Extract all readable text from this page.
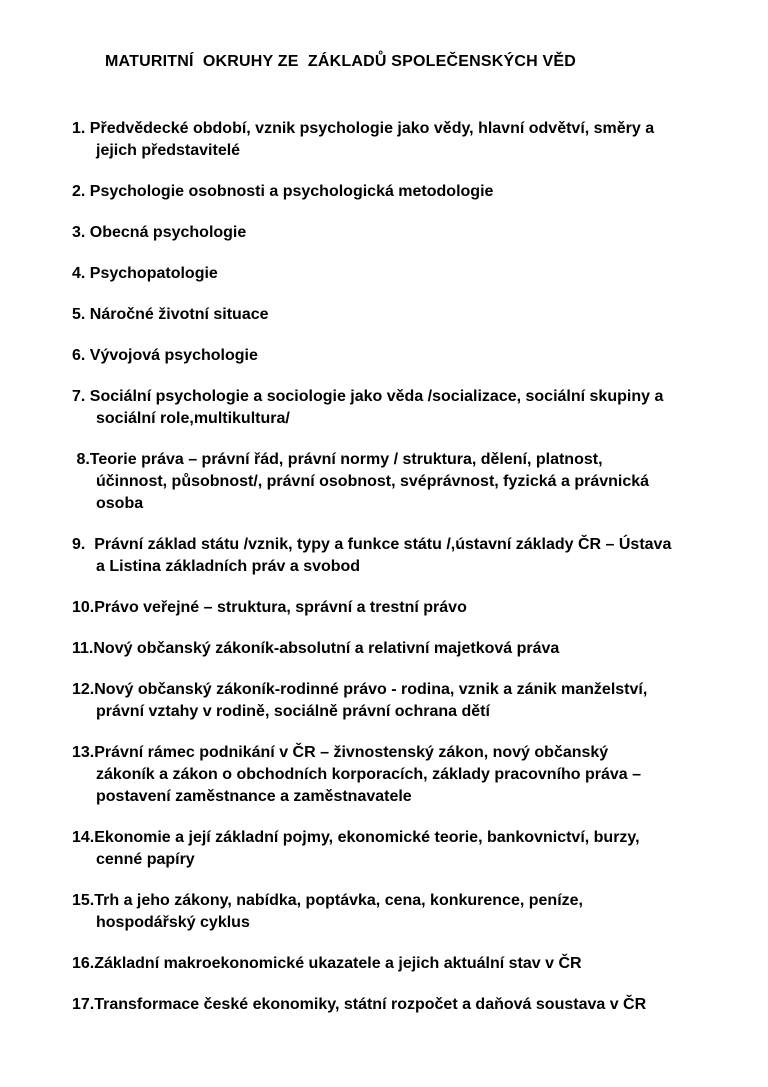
MATURITNÍ  OKRUHY ZE  ZÁKLADŮ SPOLEČENSKÝCH VĚD
1. Předvědecké období, vznik psychologie jako vědy, hlavní odvětví, směry a
jejich představitelé
2. Psychologie osobnosti a psychologická metodologie
3. Obecná psychologie
4. Psychopatologie
5. Náročné životní situace
6. Vývojová psychologie
7. Sociální psychologie a sociologie jako věda /socializace, sociální skupiny a
sociální role,multikultura/
8.Teorie práva – právní řád, právní normy / struktura, dělení, platnost,
účinnost, působnost/, právní osobnost, svéprávnost, fyzická a právnická
osoba
9.  Právní základ státu /vznik, typy a funkce státu /,ústavní základy ČR – Ústava
a Listina základních práv a svobod
10.Právo veřejné – struktura, správní a trestní právo
11.Nový občanský zákoník-absolutní a relativní majetková práva
12.Nový občanský zákoník-rodinné právo - rodina, vznik a zánik manželství,
právní vztahy v rodině, sociálně právní ochrana dětí
13.Právní rámec podnikání v ČR – živnostenský zákon, nový občanský
zákoník a zákon o obchodních korporacích, základy pracovního práva –
postavení zaměstnance a zaměstnavatele
14.Ekonomie a její základní pojmy, ekonomické teorie, bankovnictví, burzy,
cenné papíry
15.Trh a jeho zákony, nabídka, poptávka, cena, konkurence, peníze,
hospodářský cyklus
16.Základní makroekonomické ukazatele a jejich aktuální stav v ČR
17.Transformace české ekonomiky, státní rozpočet a daňová soustava v ČR
